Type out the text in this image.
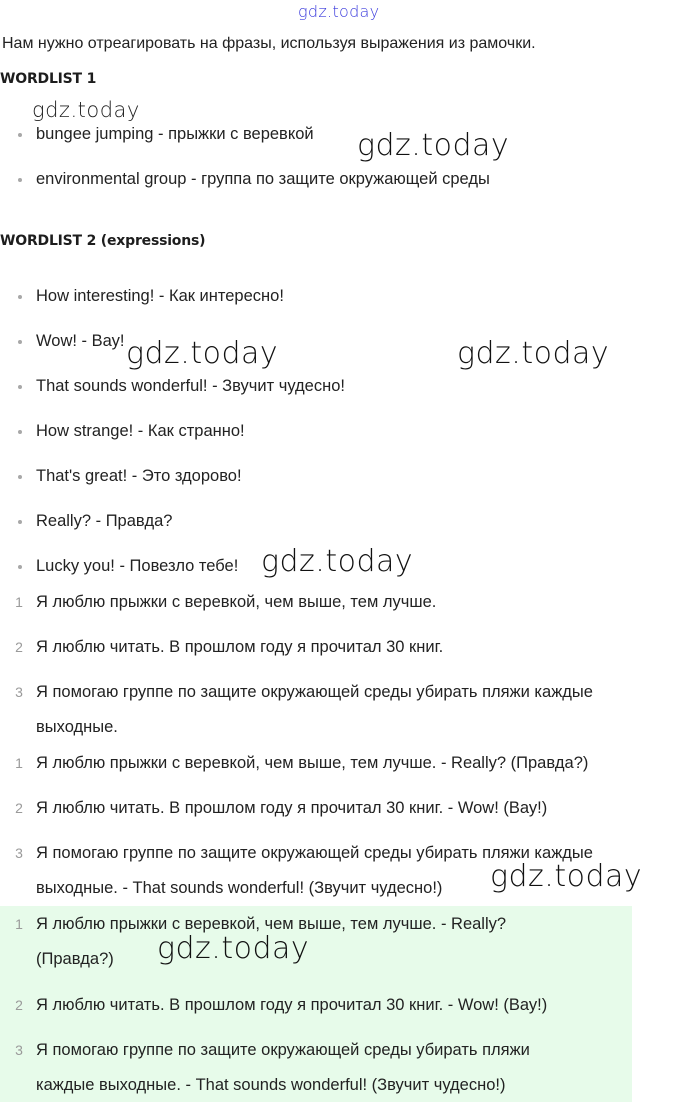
gdz.today
Нам нужно отреагировать на фразы, используя выражения из рамочки.
WORDLIST 1
bungee jumping - прыжки с веревкой
environmental group - группа по защите окружающей среды
WORDLIST 2 (expressions)
How interesting! - Как интересно!
Wow! - Вау!
That sounds wonderful! - Звучит чудесно!
How strange! - Как странно!
That's great! - Это здорово!
Really? - Правда?
Lucky you! - Повезло тебе!
1 Я люблю прыжки с веревкой, чем выше, тем лучше.
2 Я люблю читать. В прошлом году я прочитал 30 книг.
3 Я помогаю группе по защите окружающей среды убирать пляжи каждые
выходные.
1 Я люблю прыжки с веревкой, чем выше, тем лучше. - Really? (Правда?)
2 Я люблю читать. В прошлом году я прочитал 30 книг. - Wow! (Вау!)
3 Я помогаю группе по защите окружающей среды убирать пляжи каждые
выходные. - That sounds wonderful! (Звучит чудесно!)
1 Я люблю прыжки с веревкой, чем выше, тем лучше. - Really?
(Правда?)
2 Я люблю читать. В прошлом году я прочитал 30 книг. - Wow! (Вау!)
3 Я помогаю группе по защите окружающей среды убирать пляжи
каждые выходные. - That sounds wonderful! (Звучит чудесно!)
gdz.today
gdz.today
gdz.today	gdz.today
gdz.today
gdz.today
gdz.today
